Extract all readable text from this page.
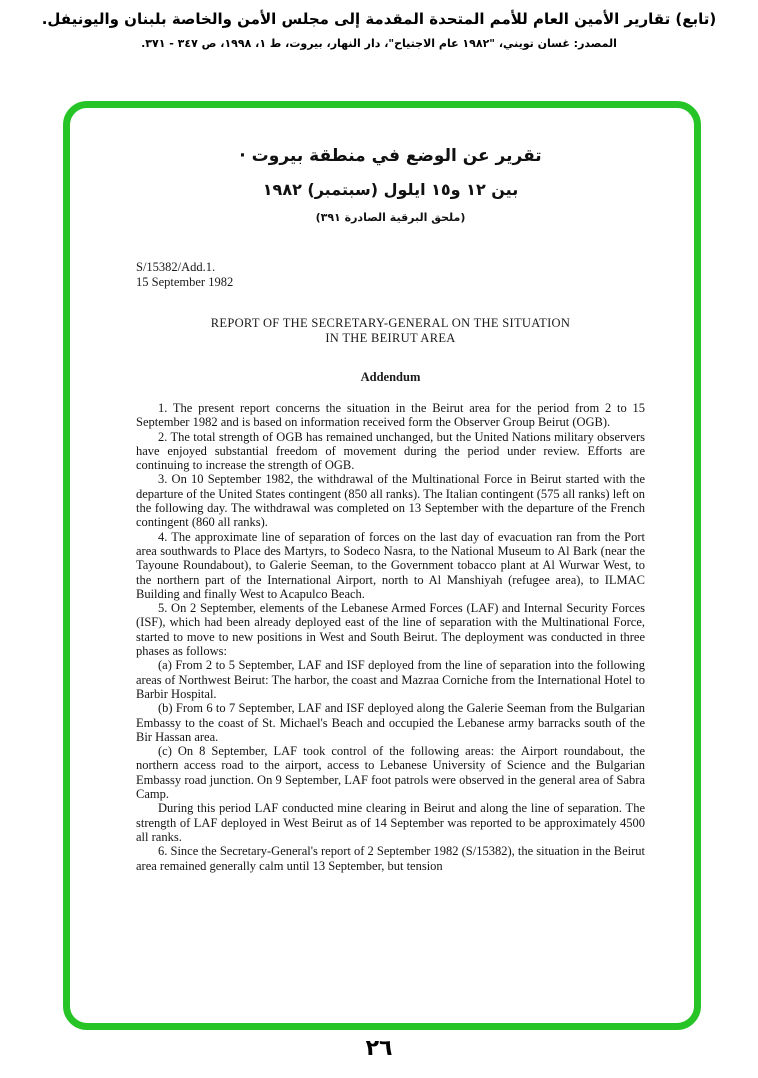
(تابع) تقارير الأمين العام للأمم المتحدة المقدمة إلى مجلس الأمن والخاصة بلبنان واليونيفل.
المصدر: غسان تويني، "١٩٨٢ عام الاجتياح"، دار النهار، بيروت، ط ١، ١٩٩٨، ص ٣٤٧ - ٣٧١.
تقرير عن الوضع في منطقة بيروت ·
بين ١٢ و١٥ ايلول (سبتمبر) ١٩٨٢
(ملحق البرقية الصادرة ٣٩١)
S/15382/Add.1.
15 September 1982
REPORT OF THE SECRETARY-GENERAL ON THE SITUATION
IN THE BEIRUT AREA
Addendum

1. The present report concerns the situation in the Beirut area for the period from 2 to 15 September 1982 and is based on information received form the Observer Group Beirut (OGB).

2. The total strength of OGB has remained unchanged, but the United Nations military observers have enjoyed substantial freedom of movement during the period under review. Efforts are continuing to increase the strength of OGB.

3. On 10 September 1982, the withdrawal of the Multinational Force in Beirut started with the departure of the United States contingent (850 all ranks). The Italian contingent (575 all ranks) left on the following day. The withdrawal was completed on 13 September with the departure of the French contingent (860 all ranks).

4. The approximate line of separation of forces on the last day of evacuation ran from the Port area southwards to Place des Martyrs, to Sodeco Nasra, to the National Museum to Al Bark (near the Tayoune Roundabout), to Galerie Seeman, to the Government tobacco plant at Al Wurwar West, to the northern part of the International Airport, north to Al Manshiyah (refugee area), to ILMAC Building and finally West to Acapulco Beach.

5. On 2 September, elements of the Lebanese Armed Forces (LAF) and Internal Security Forces (ISF), which had been already deployed east of the line of separation with the Multinational Force, started to move to new positions in West and South Beirut. The deployment was conducted in three phases as follows:

(a) From 2 to 5 September, LAF and ISF deployed from the line of separation into the following areas of Northwest Beirut: The harbor, the coast and Mazraa Corniche from the International Hotel to Barbir Hospital.

(b) From 6 to 7 September, LAF and ISF deployed along the Galerie Seeman from the Bulgarian Embassy to the coast of St. Michael's Beach and occupied the Lebanese army barracks south of the Bir Hassan area.

(c) On 8 September, LAF took control of the following areas: the Airport roundabout, the northern access road to the airport, access to Lebanese University of Science and the Bulgarian Embassy road junction. On 9 September, LAF foot patrols were observed in the general area of Sabra Camp.

During this period LAF conducted mine clearing in Beirut and along the line of separation. The strength of LAF deployed in West Beirut as of 14 September was reported to be approximately 4500 all ranks.

6. Since the Secretary-General's report of 2 September 1982 (S/15382), the situation in the Beirut area remained generally calm until 13 September, but tension

٢٦
